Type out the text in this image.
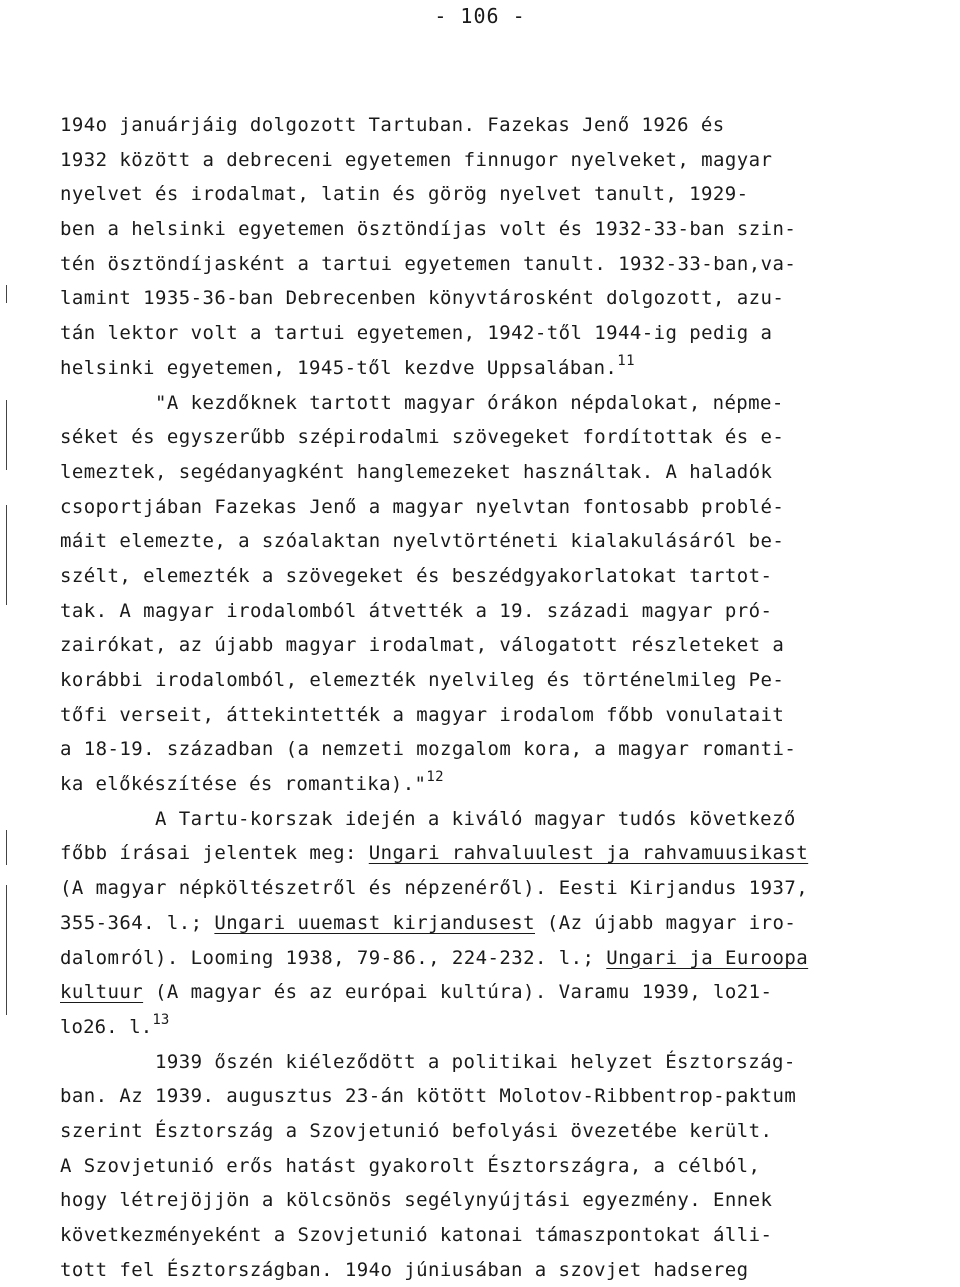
- 106 -
194o januárjáig dolgozott Tartuban. Fazekas Jenő 1926 és
1932 között a debreceni egyetemen finnugor nyelveket, magyar
nyelvet és irodalmat, latin és görög nyelvet tanult, 1929-
ben a helsinki egyetemen ösztöndíjas volt és 1932-33-ban szin-
tén ösztöndíjasként a tartui egyetemen tanult. 1932-33-ban,va-
lamint 1935-36-ban Debrecenben könyvtárosként dolgozott, azu-
tán lektor volt a tartui egyetemen, 1942-től 1944-ig pedig a
helsinki egyetemen, 1945-től kezdve Uppsalában.$^{11}$
"A kezdőknek tartott magyar órákon népdalokat, népme-
séket és egyszerűbb szépirodalmi szövegeket fordítottak és e-
lemeztek, segédanyagként hanglemezeket használtak. A haladók
csoportjában Fazekas Jenő a magyar nyelvtan fontosabb problé-
máit elemezte, a szóalaktan nyelvtörténeti kialakulásáról be-
szélt, elemezték a szövegeket és beszédgyakorlatokat tartot-
tak. A magyar irodalomból átvették a 19. századi magyar pró-
zairókat, az újabb magyar irodalmat, válogatott részleteket a
korábbi irodalomból, elemezték nyelvileg és történelmileg Pe-
tőfi verseit, áttekintették a magyar irodalom főbb vonulatait
a 18-19. században (a nemzeti mozgalom kora, a magyar romanti-
ka előkészítése és romantika)."$^{12}$
A Tartu-korszak idején a kiváló magyar tudós következő
főbb írásai jelentek meg: Ungari rahvaluulest ja rahvamuusikast
(A magyar népköltészetről és népzenéről). Eesti Kirjandus 1937,
355-364. l.; Ungari uuemast kirjandusest (Az újabb magyar iro-
dalomról). Looming 1938, 79-86., 224-232. l.; Ungari ja Euroopa
kultuur (A magyar és az európai kultúra). Varamu 1939, lo21-
lo26. l.$^{13}$
1939 őszén kiéleződött a politikai helyzet Észtország-
ban. Az 1939. augusztus 23-án kötött Molotov-Ribbentrop-paktum
szerint Észtország a Szovjetunió befolyási övezetébe került.
A Szovjetunió erős hatást gyakorolt Észtországra, a célból,
hogy létrejöjjön a kölcsönös segélynyújtási egyezmény. Ennek
következményeként a Szovjetunió katonai támaszpontokat álli-
tott fel Észtországban. 194o júniusában a szovjet hadsereg
